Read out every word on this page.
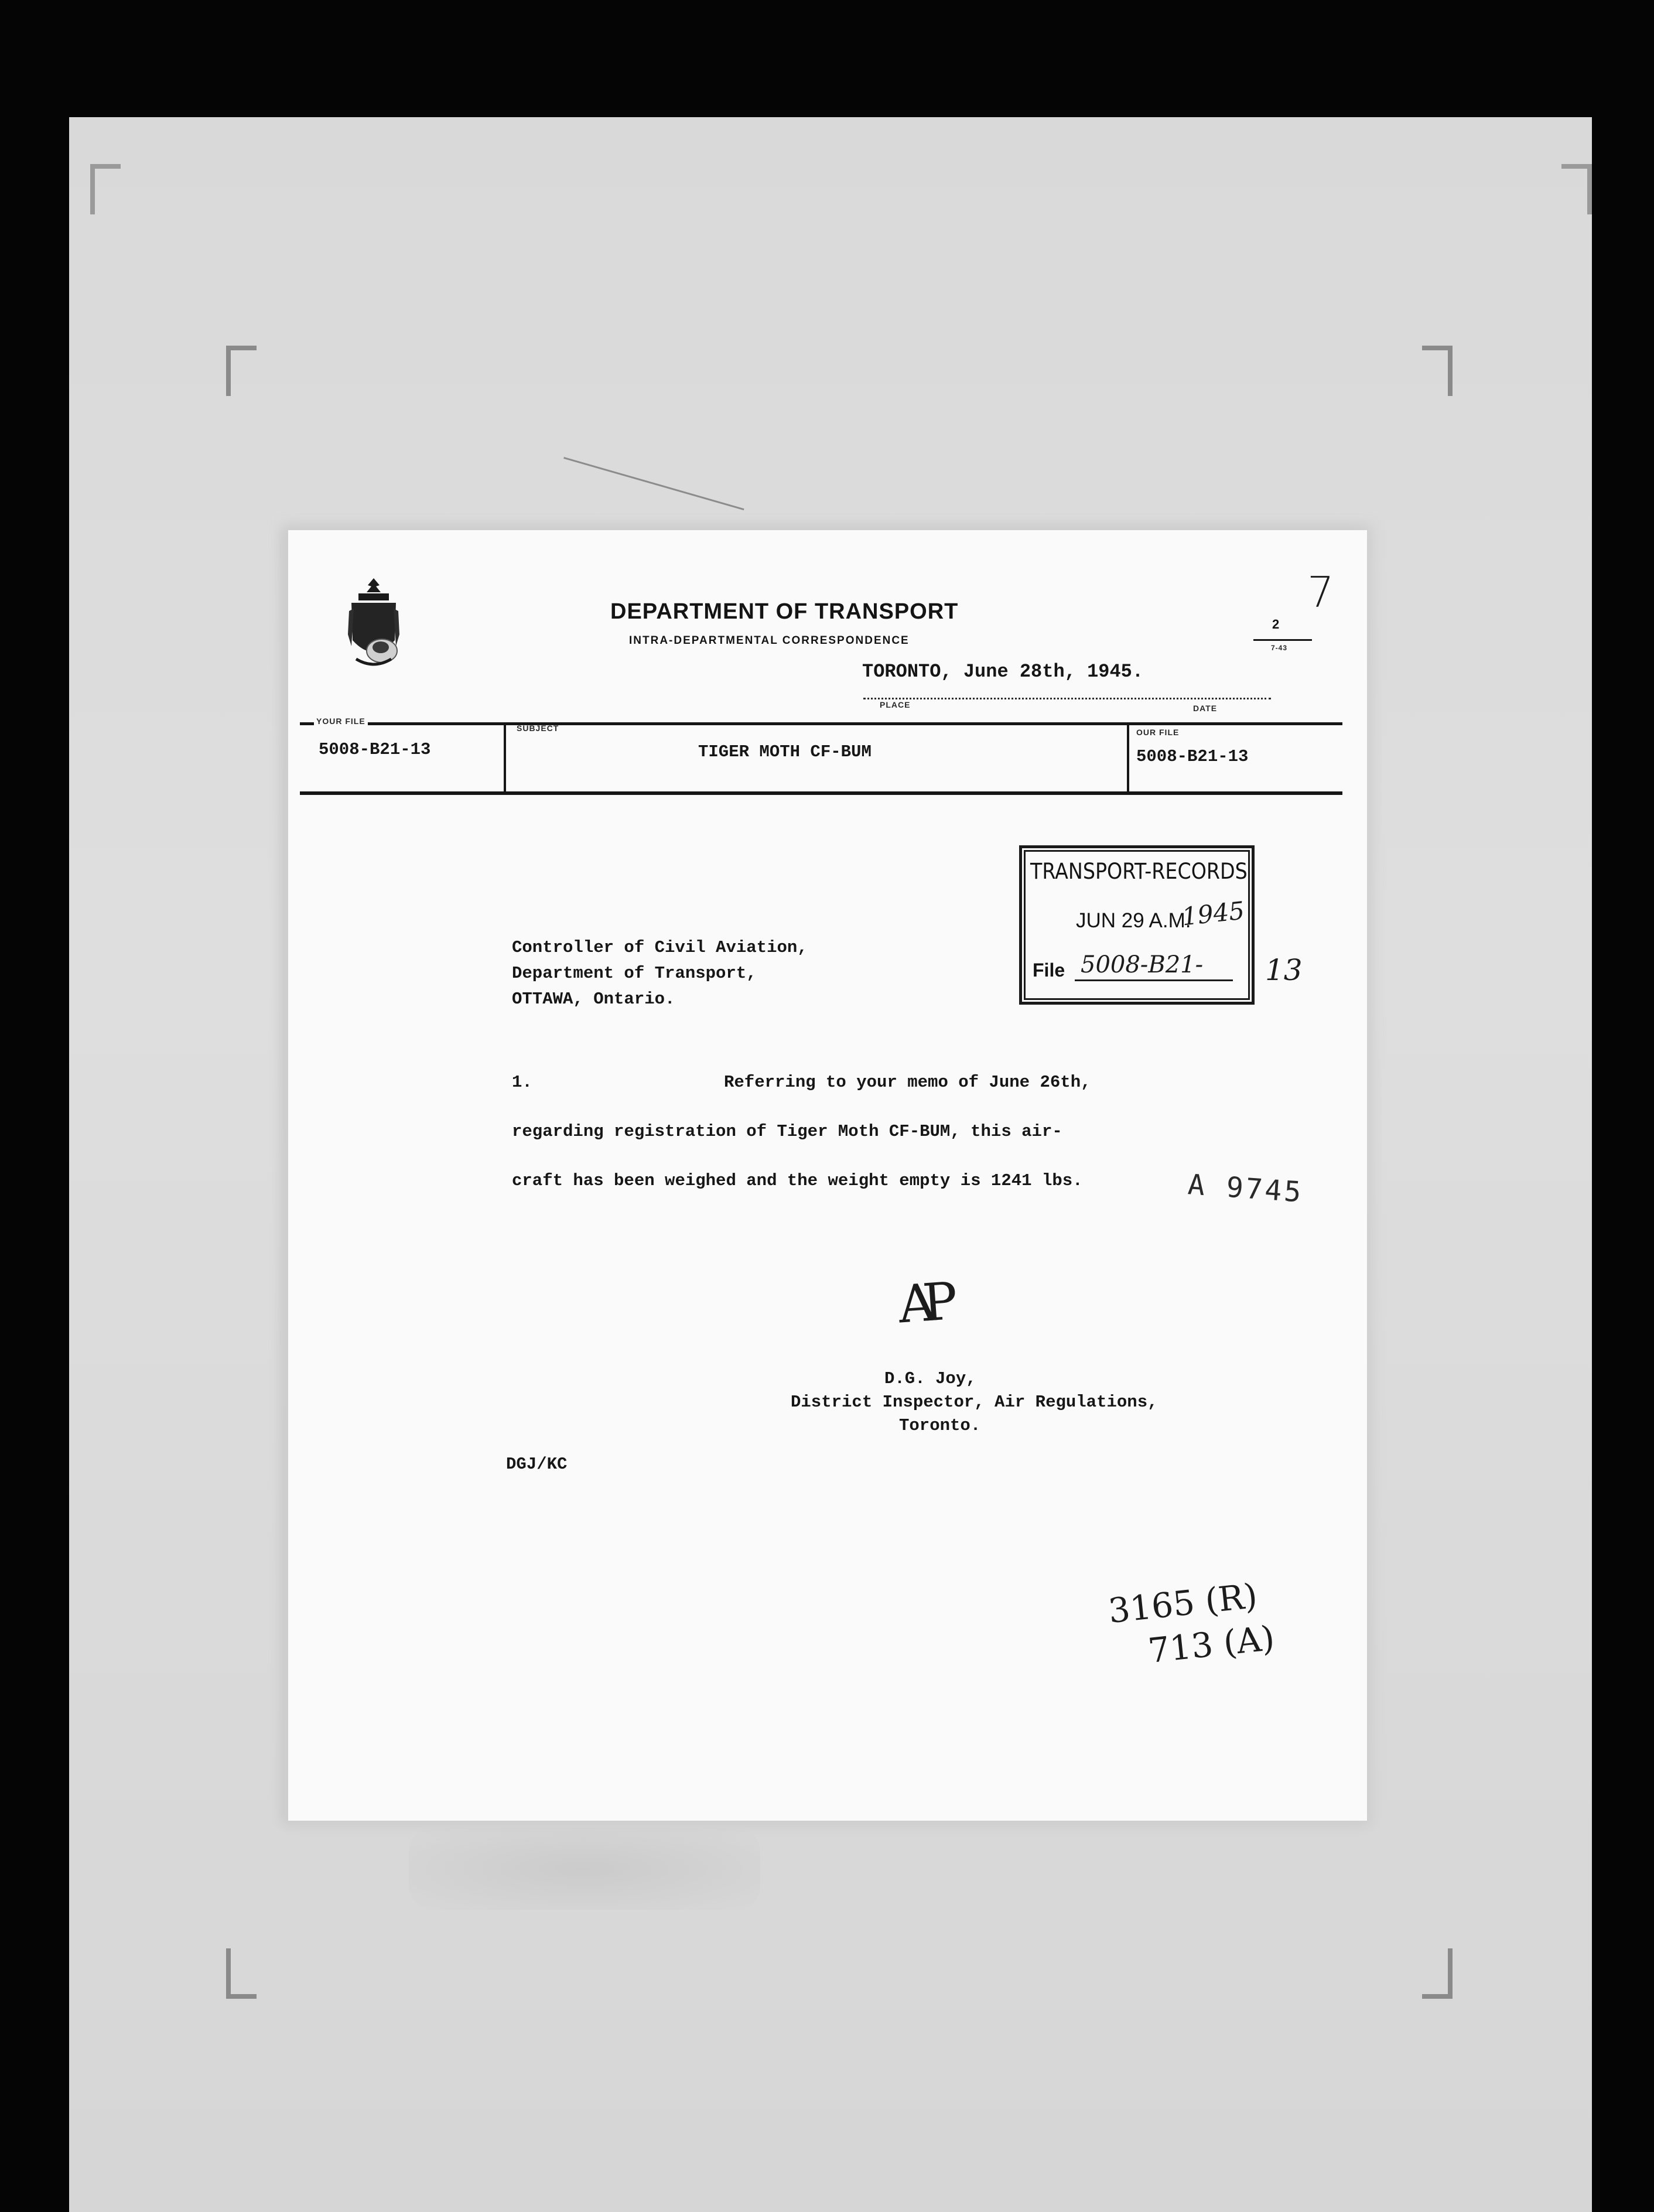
DEPARTMENT OF TRANSPORT
INTRA-DEPARTMENTAL CORRESPONDENCE
TORONTO, June 28th, 1945.
PLACE	DATE
2
7-43
7
YOUR FILE
5008-B21-13
SUBJECT
TIGER MOTH CF-BUM
OUR FILE
5008-B21-13
TRANSPORT-RECORDS
JUN 29 A.M.
File 5008-B21-
1945
13
Controller of Civil Aviation,
Department of Transport,
OTTAWA, Ontario.
1.	Referring to your memo of June 26th,
regarding registration of Tiger Moth CF-BUM, this air-
craft has been weighed and the weight empty is 1241 lbs.	A 9745
AP
D.G. Joy,
District Inspector, Air Regulations,
Toronto.
DGJ/KC
3165 (R)
713 (A)
